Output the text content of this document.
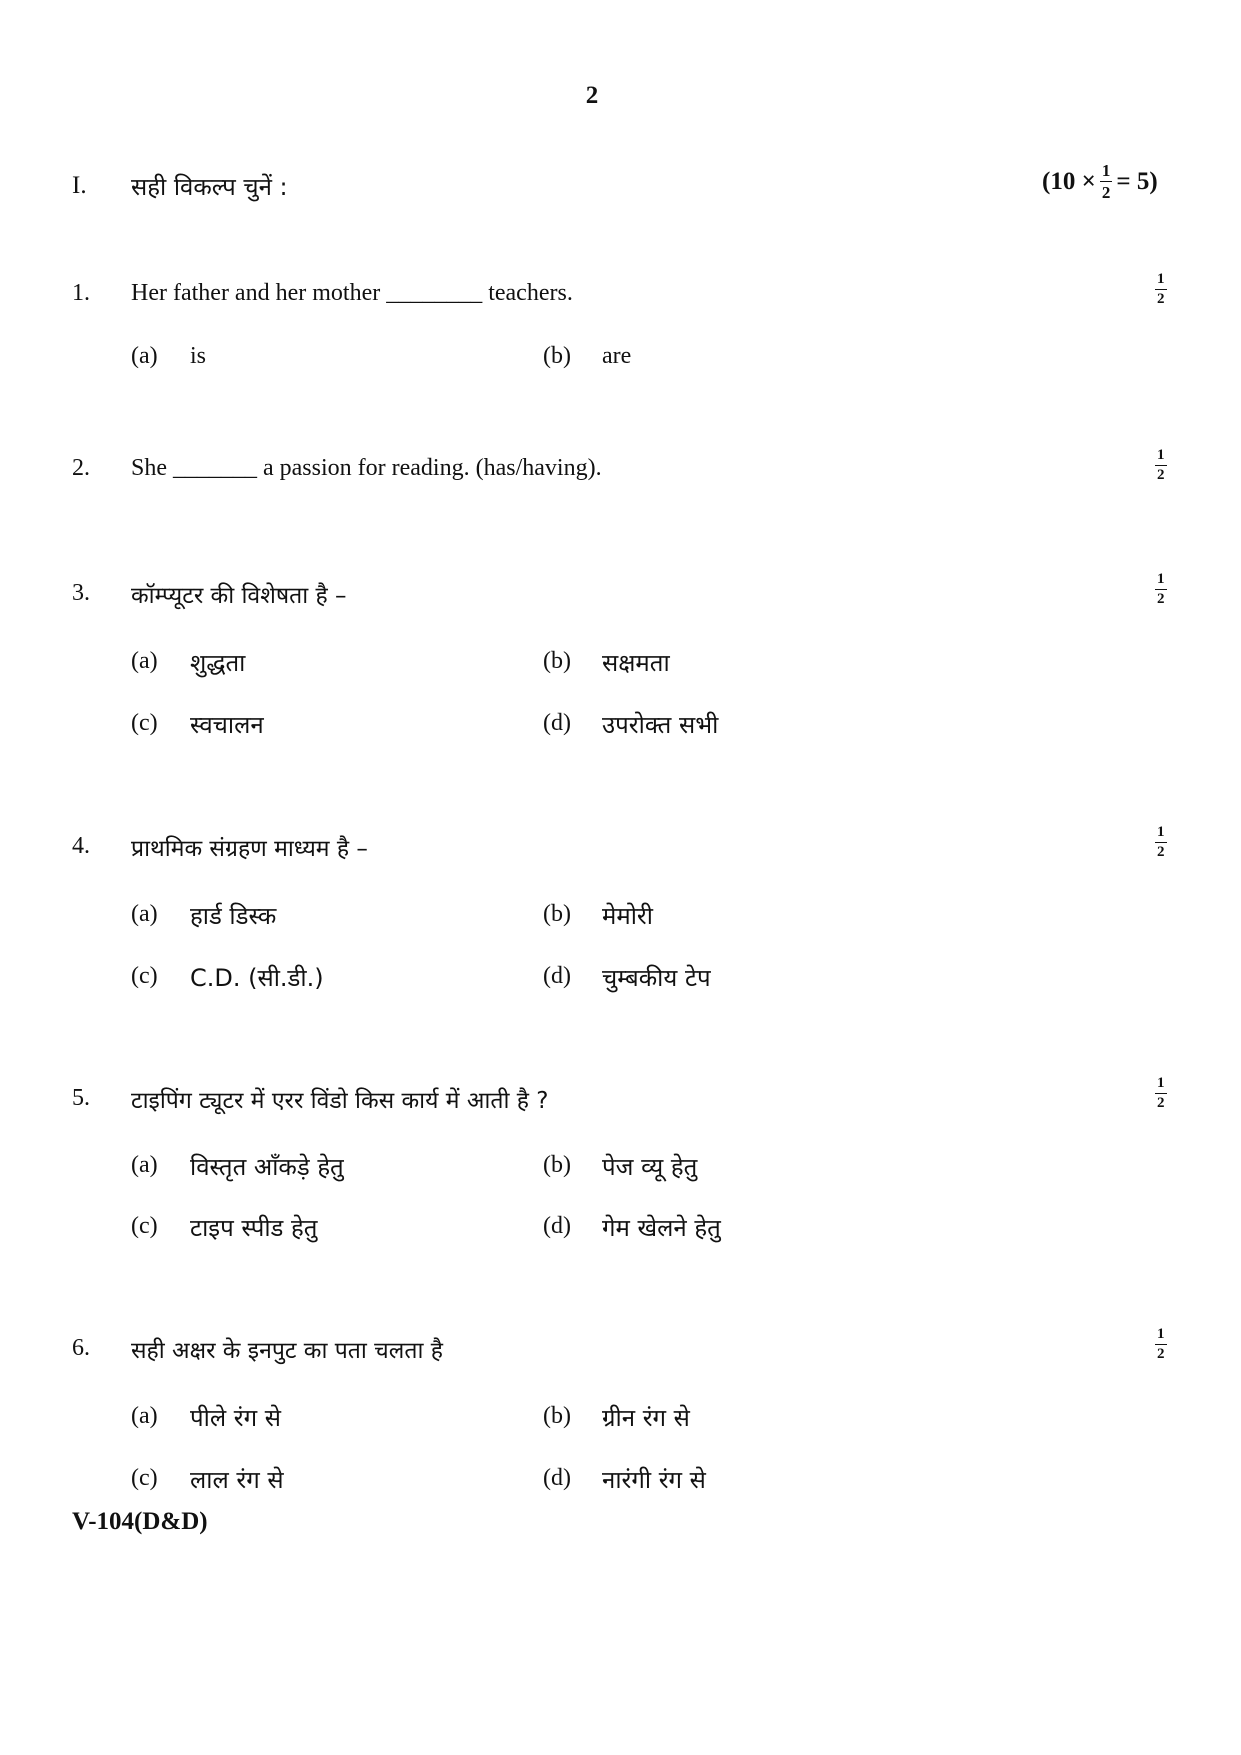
2
I. सही विकल्प चुनें :	$(10 \times \frac{1}{2} = 5)$
1. Her father and her mother ________ teachers.	$\frac{1}{2}$
(a) is	(b) are
2. She _______ a passion for reading. (has/having).	$\frac{1}{2}$
3. कॉम्प्यूटर की विशेषता है –	$\frac{1}{2}$
(a) शुद्धता	(b) सक्षमता
(c) स्वचालन	(d) उपरोक्त सभी
4. प्राथमिक संग्रहण माध्यम है –	$\frac{1}{2}$
(a) हार्ड डिस्क	(b) मेमोरी
(c) C.D. (सी.डी.)	(d) चुम्बकीय टेप
5. टाइपिंग ट्यूटर में एरर विंडो किस कार्य में आती है ?	$\frac{1}{2}$
(a) विस्तृत आँकड़े हेतु	(b) पेज व्यू हेतु
(c) टाइप स्पीड हेतु	(d) गेम खेलने हेतु
6. सही अक्षर के इनपुट का पता चलता है	$\frac{1}{2}$
(a) पीले रंग से	(b) ग्रीन रंग से
(c) लाल रंग से	(d) नारंगी रंग से
V-104(D&D)
